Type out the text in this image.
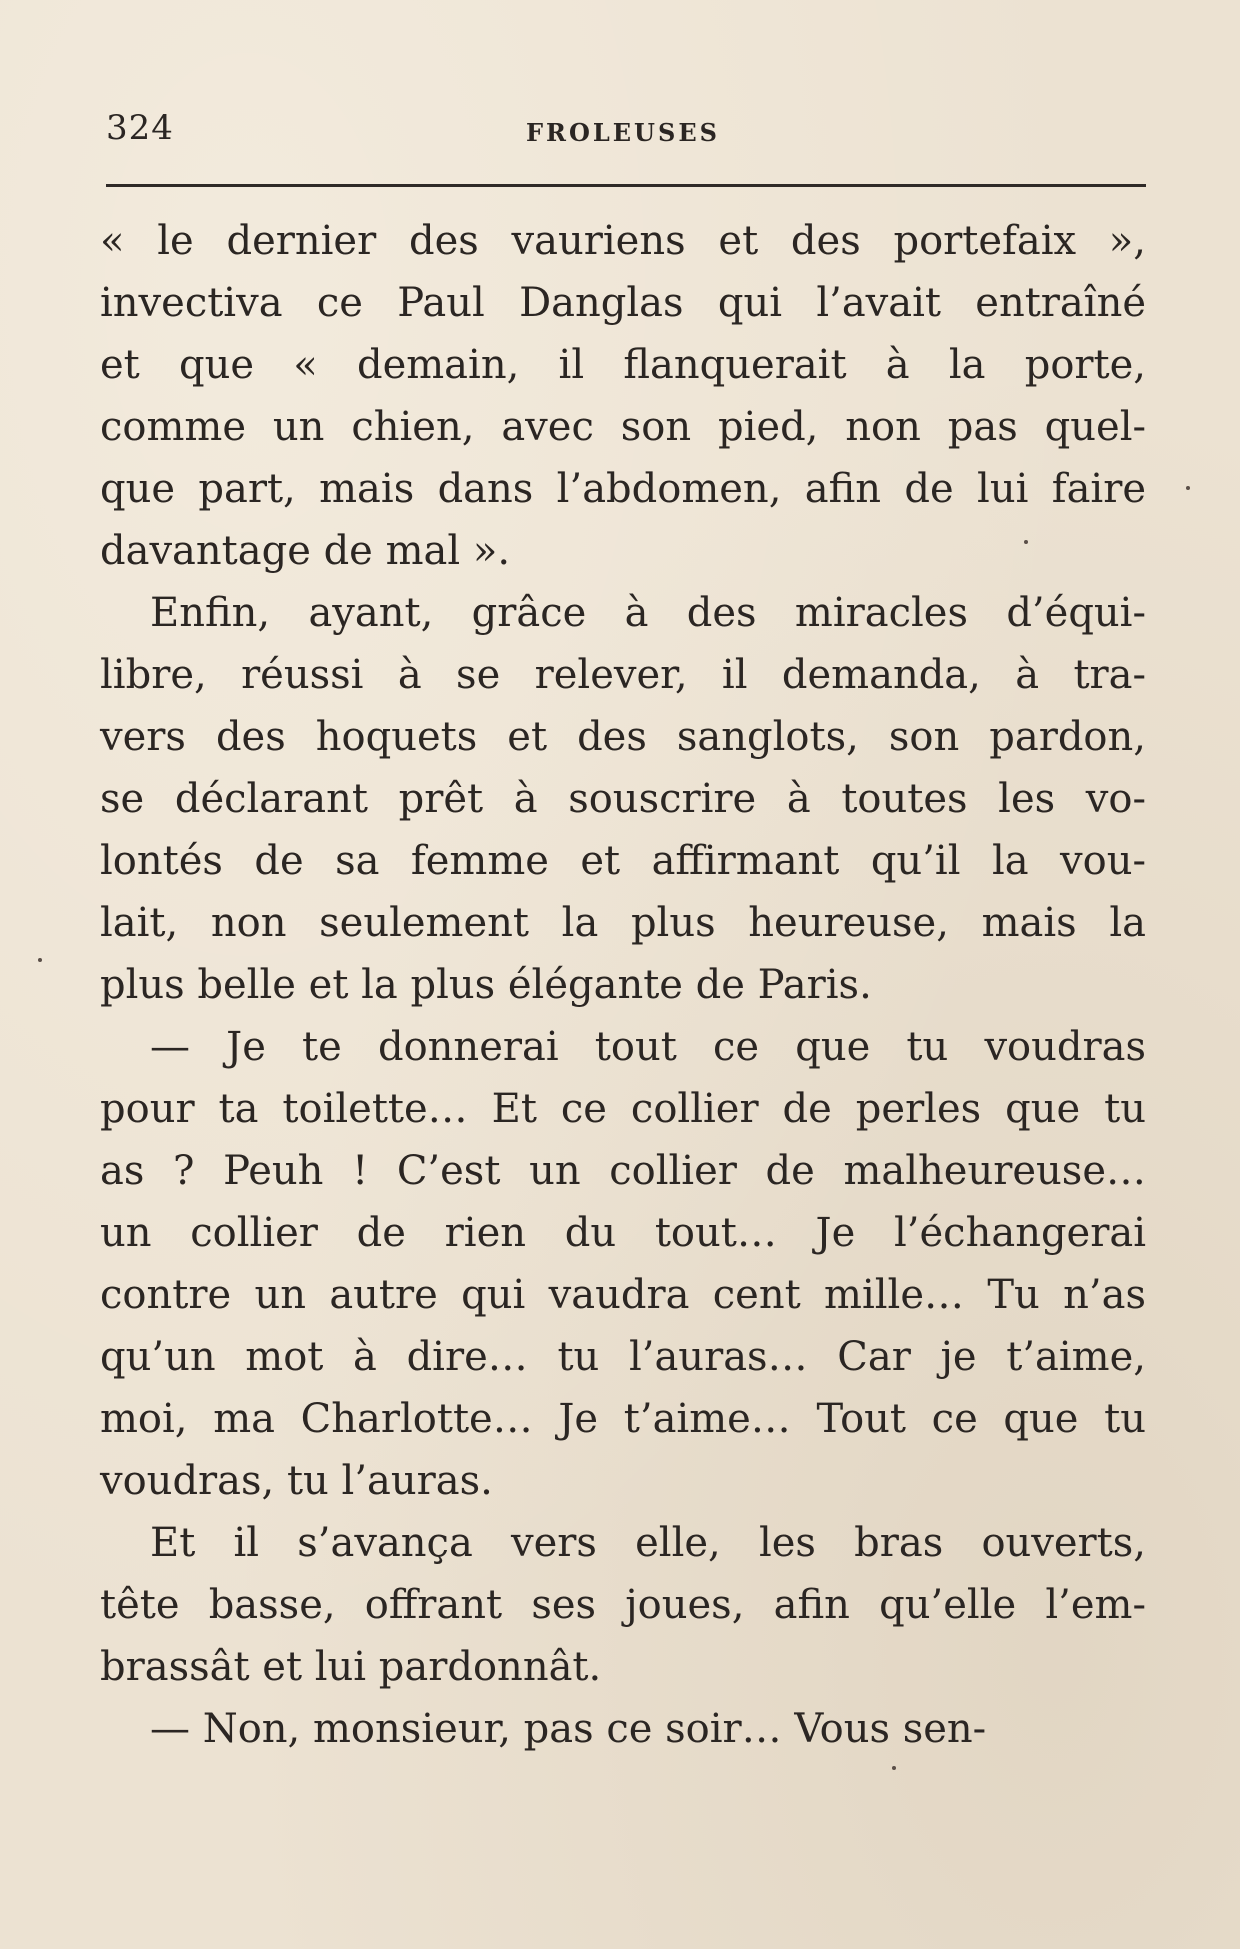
324	FROLEUSES
« le dernier des vauriens et des portefaix »,
invectiva ce Paul Danglas qui l’avait entraîné
et que « demain, il flanquerait à la porte,
comme un chien, avec son pied, non pas quel-
que part, mais dans l’abdomen, afin de lui faire
davantage de mal ».
Enfin, ayant, grâce à des miracles d’équi-
libre, réussi à se relever, il demanda, à tra-
vers des hoquets et des sanglots, son pardon,
se déclarant prêt à souscrire à toutes les vo-
lontés de sa femme et affirmant qu’il la vou-
lait, non seulement la plus heureuse, mais la
plus belle et la plus élégante de Paris.
— Je te donnerai tout ce que tu voudras
pour ta toilette… Et ce collier de perles que tu
as ? Peuh ! C’est un collier de malheureuse…
un collier de rien du tout… Je l’échangerai
contre un autre qui vaudra cent mille… Tu n’as
qu’un mot à dire… tu l’auras… Car je t’aime,
moi, ma Charlotte… Je t’aime… Tout ce que tu
voudras, tu l’auras.
Et il s’avança vers elle, les bras ouverts,
tête basse, offrant ses joues, afin qu’elle l’em-
brassât et lui pardonnât.
— Non, monsieur, pas ce soir… Vous sen-
